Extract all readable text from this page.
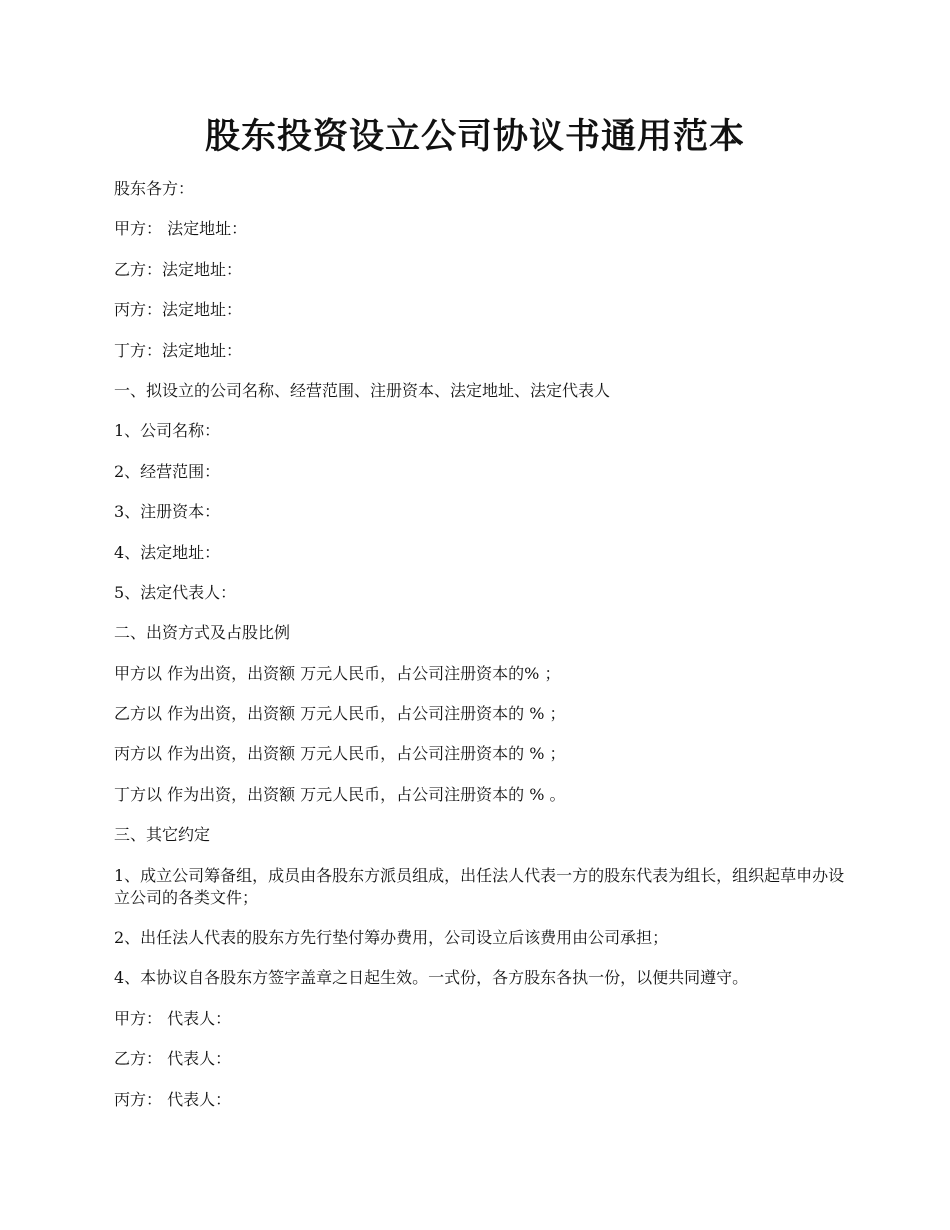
股东投资设立公司协议书通用范本

股东各方：

甲方： 法定地址：

乙方：法定地址：

丙方：法定地址：

丁方：法定地址：

一、拟设立的公司名称、经营范围、注册资本、法定地址、法定代表人

1、公司名称：

2、经营范围：

3、注册资本：

4、法定地址：

5、法定代表人：

二、出资方式及占股比例

甲方以 作为出资，出资额 万元人民币，占公司注册资本的% ；

乙方以 作为出资，出资额 万元人民币，占公司注册资本的 % ；

丙方以 作为出资，出资额 万元人民币，占公司注册资本的 % ；

丁方以 作为出资，出资额 万元人民币，占公司注册资本的 % 。

三、其它约定

1、成立公司筹备组，成员由各股东方派员组成，出任法人代表一方的股东代表为组长，组织起草申办设立公司的各类文件；

2、出任法人代表的股东方先行垫付筹办费用，公司设立后该费用由公司承担；

4、本协议自各股东方签字盖章之日起生效。一式份，各方股东各执一份，以便共同遵守。

甲方： 代表人：

乙方： 代表人：

丙方： 代表人：
